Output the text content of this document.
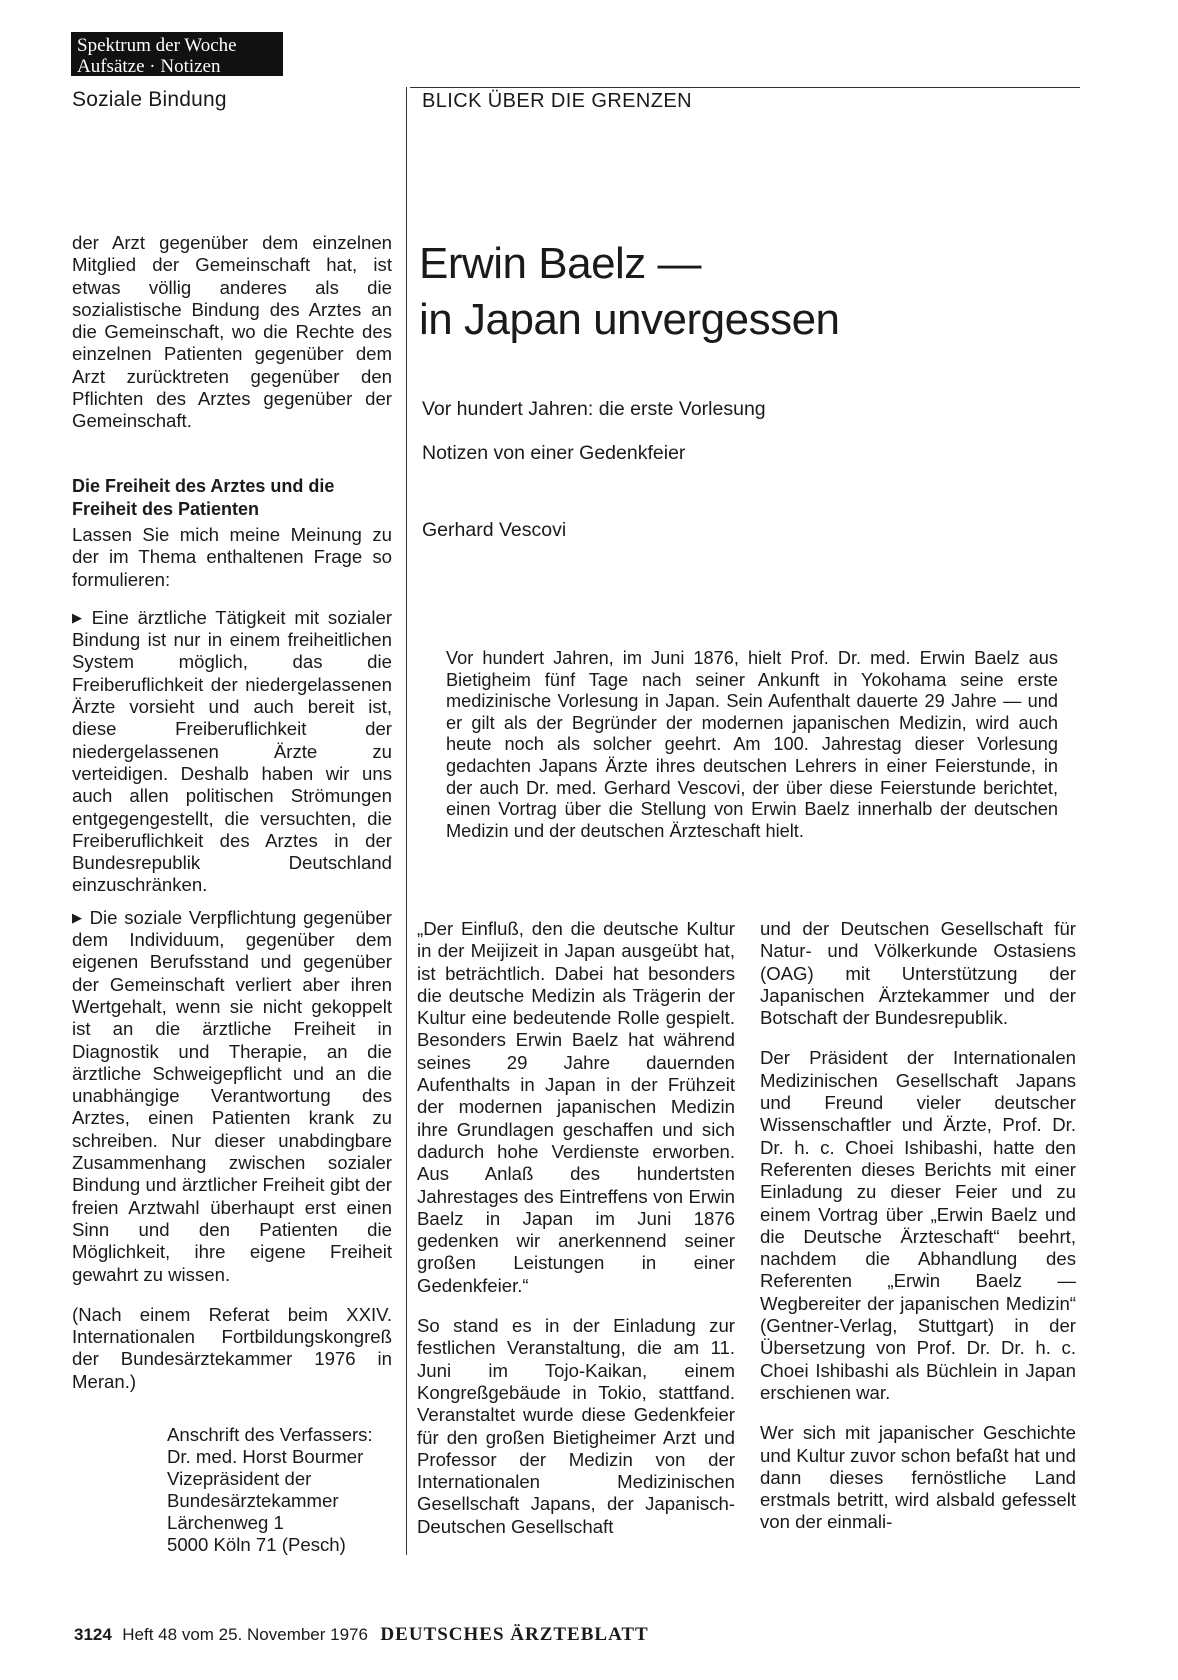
Spektrum der Woche
Aufsätze · Notizen
Soziale Bindung	BLICK ÜBER DIE GRENZEN

der Arzt gegenüber dem einzelnen Mitglied der Gemeinschaft hat, ist etwas völlig anderes als die sozialistische Bindung des Arztes an die Gemeinschaft, wo die Rechte des einzelnen Patienten gegenüber dem Arzt zurücktreten gegenüber den Pflichten des Arztes gegenüber der Gemeinschaft.

Die Freiheit des Arztes und die Freiheit des Patienten

Lassen Sie mich meine Meinung zu der im Thema enthaltenen Frage so formulieren:

▶ Eine ärztliche Tätigkeit mit sozialer Bindung ist nur in einem freiheitlichen System möglich, das die Freiberuflichkeit der niedergelassenen Ärzte vorsieht und auch bereit ist, diese Freiberuflichkeit der niedergelassenen Ärzte zu verteidigen. Deshalb haben wir uns auch allen politischen Strömungen entgegengestellt, die versuchten, die Freiberuflichkeit des Arztes in der Bundesrepublik Deutschland einzuschränken.

▶ Die soziale Verpflichtung gegenüber dem Individuum, gegenüber dem eigenen Berufsstand und gegenüber der Gemeinschaft verliert aber ihren Wertgehalt, wenn sie nicht gekoppelt ist an die ärztliche Freiheit in Diagnostik und Therapie, an die ärztliche Schweigepflicht und an die unabhängige Verantwortung des Arztes, einen Patienten krank zu schreiben. Nur dieser unabdingbare Zusammenhang zwischen sozialer Bindung und ärztlicher Freiheit gibt der freien Arztwahl überhaupt erst einen Sinn und den Patienten die Möglichkeit, ihre eigene Freiheit gewahrt zu wissen.

(Nach einem Referat beim XXIV. Internationalen Fortbildungskongreß der Bundesärztekammer 1976 in Meran.)

Anschrift des Verfassers:
Dr. med. Horst Bourmer
Vizepräsident der
Bundesärztekammer
Lärchenweg 1
5000 Köln 71 (Pesch)
Erwin Baelz —
in Japan unvergessen
Vor hundert Jahren: die erste Vorlesung
Notizen von einer Gedenkfeier
Gerhard Vescovi
Vor hundert Jahren, im Juni 1876, hielt Prof. Dr. med. Erwin Baelz aus Bietigheim fünf Tage nach seiner Ankunft in Yokohama seine erste medizinische Vorlesung in Japan. Sein Aufenthalt dauerte 29 Jahre — und er gilt als der Begründer der modernen japanischen Medizin, wird auch heute noch als solcher geehrt. Am 100. Jahrestag dieser Vorlesung gedachten Japans Ärzte ihres deutschen Lehrers in einer Feierstunde, in der auch Dr. med. Gerhard Vescovi, der über diese Feierstunde berichtet, einen Vortrag über die Stellung von Erwin Baelz innerhalb der deutschen Medizin und der deutschen Ärzteschaft hielt.

„Der Einfluß, den die deutsche Kultur in der Meijizeit in Japan ausgeübt hat, ist beträchtlich. Dabei hat besonders die deutsche Medizin als Trägerin der Kultur eine bedeutende Rolle gespielt. Besonders Erwin Baelz hat während seines 29 Jahre dauernden Aufenthalts in Japan in der Frühzeit der modernen japanischen Medizin ihre Grundlagen geschaffen und sich dadurch hohe Verdienste erworben. Aus Anlaß des hundertsten Jahrestages des Eintreffens von Erwin Baelz in Japan im Juni 1876 gedenken wir anerkennend seiner großen Leistungen in einer Gedenkfeier.“

So stand es in der Einladung zur festlichen Veranstaltung, die am 11. Juni im Tojo-Kaikan, einem Kongreßgebäude in Tokio, stattfand. Veranstaltet wurde diese Gedenkfeier für den großen Bietigheimer Arzt und Professor der Medizin von der Internationalen Medizinischen Gesellschaft Japans, der Japanisch-Deutschen Gesellschaft

und der Deutschen Gesellschaft für Natur- und Völkerkunde Ostasiens (OAG) mit Unterstützung der Japanischen Ärztekammer und der Botschaft der Bundesrepublik.

Der Präsident der Internationalen Medizinischen Gesellschaft Japans und Freund vieler deutscher Wissenschaftler und Ärzte, Prof. Dr. Dr. h. c. Choei Ishibashi, hatte den Referenten dieses Berichts mit einer Einladung zu dieser Feier und zu einem Vortrag über „Erwin Baelz und die Deutsche Ärzteschaft“ beehrt, nachdem die Abhandlung des Referenten „Erwin Baelz — Wegbereiter der japanischen Medizin“ (Gentner-Verlag, Stuttgart) in der Übersetzung von Prof. Dr. Dr. h. c. Choei Ishibashi als Büchlein in Japan erschienen war.

Wer sich mit japanischer Geschichte und Kultur zuvor schon befaßt hat und dann dieses fernöstliche Land erstmals betritt, wird alsbald gefesselt von der einmali-

3124 Heft 48 vom 25. November 1976 DEUTSCHES ÄRZTEBLATT
